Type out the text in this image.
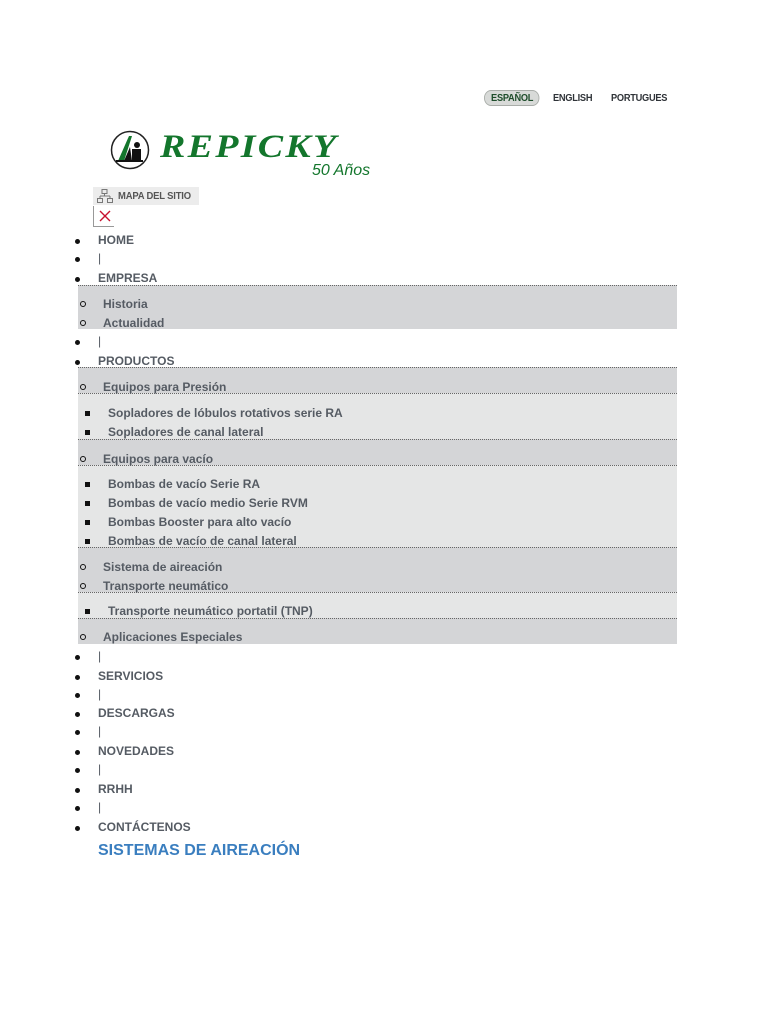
ESPAÑOL	ENGLISH PORTUGUES
REPICKY
50 Años
MAPA DEL SITIO
HOME
|
EMPRESA
Historia
Actualidad
|
PRODUCTOS
Equipos para Presión
Sopladores de lóbulos rotativos serie RA
Sopladores de canal lateral
Equipos para vacío
Bombas de vacío Serie RA
Bombas de vacío medio Serie RVM
Bombas Booster para alto vacío
Bombas de vacío de canal lateral
Sistema de aireación
Transporte neumático
Transporte neumático portatil (TNP)
Aplicaciones Especiales
|
SERVICIOS
|
DESCARGAS
|
NOVEDADES
|
RRHH
|
CONTÁCTENOS
SISTEMAS DE AIREACIÓN
